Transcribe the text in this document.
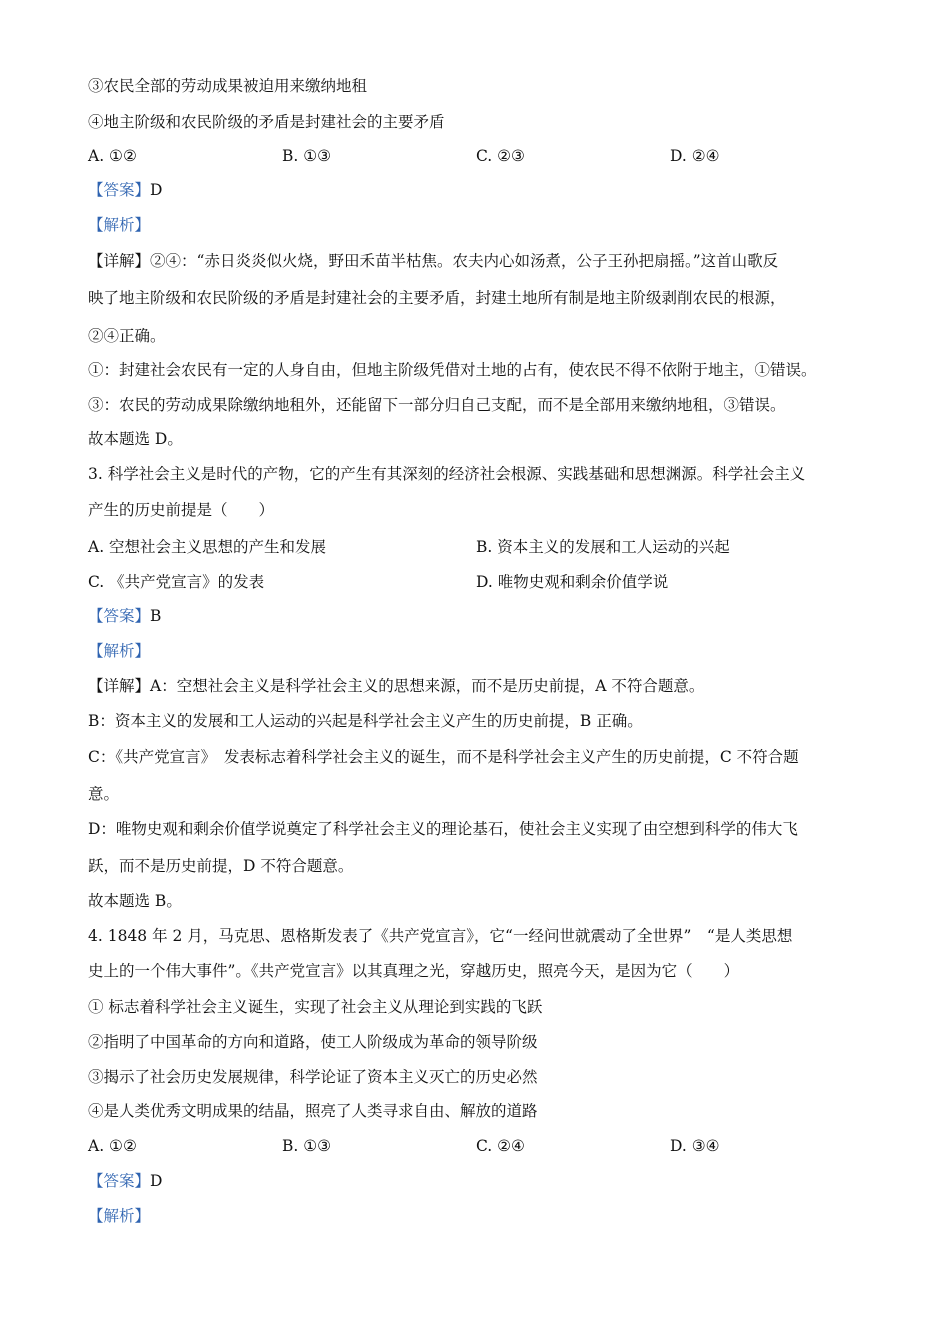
③农民全部的劳动成果被迫用来缴纳地租
④地主阶级和农民阶级的矛盾是封建社会的主要矛盾
A. ①②	B. ①③	C. ②③	D. ②④
【答案】D
【解析】
【详解】②④：“赤日炎炎似火烧，野田禾苗半枯焦。农夫内心如汤煮，公子王孙把扇摇。”这首山歌反
映了地主阶级和农民阶级的矛盾是封建社会的主要矛盾，封建土地所有制是地主阶级剥削农民的根源，
②④正确。
①：封建社会农民有一定的人身自由，但地主阶级凭借对土地的占有，使农民不得不依附于地主，①错误。
③：农民的劳动成果除缴纳地租外，还能留下一部分归自己支配，而不是全部用来缴纳地租，③错误。
故本题选 D。
3. 科学社会主义是时代的产物，它的产生有其深刻的经济社会根源、实践基础和思想渊源。科学社会主义
产生的历史前提是（　　）
A. 空想社会主义思想的产生和发展	B. 资本主义的发展和工人运动的兴起
C. 《共产党宣言》的发表	D. 唯物史观和剩余价值学说
【答案】B
【解析】
【详解】A：空想社会主义是科学社会主义的思想来源，而不是历史前提，A 不符合题意。
B：资本主义的发展和工人运动的兴起是科学社会主义产生的历史前提，B 正确。
C：《共产党宣言》　发表标志着科学社会主义的诞生，而不是科学社会主义产生的历史前提，C 不符合题
意。
D：唯物史观和剩余价值学说奠定了科学社会主义的理论基石，使社会主义实现了由空想到科学的伟大飞
跃，而不是历史前提，D 不符合题意。
故本题选 B。
4. 1848 年 2 月，马克思、恩格斯发表了《共产党宣言》，它“一经问世就震动了全世界”　“是人类思想
史上的一个伟大事件”。《共产党宣言》以其真理之光，穿越历史，照亮今天，是因为它（　　）
① 标志着科学社会主义诞生，实现了社会主义从理论到实践的飞跃
②指明了中国革命的方向和道路，使工人阶级成为革命的领导阶级
③揭示了社会历史发展规律，科学论证了资本主义灭亡的历史必然
④是人类优秀文明成果的结晶，照亮了人类寻求自由、解放的道路
A. ①②	B. ①③	C. ②④	D. ③④
【答案】D
【解析】
